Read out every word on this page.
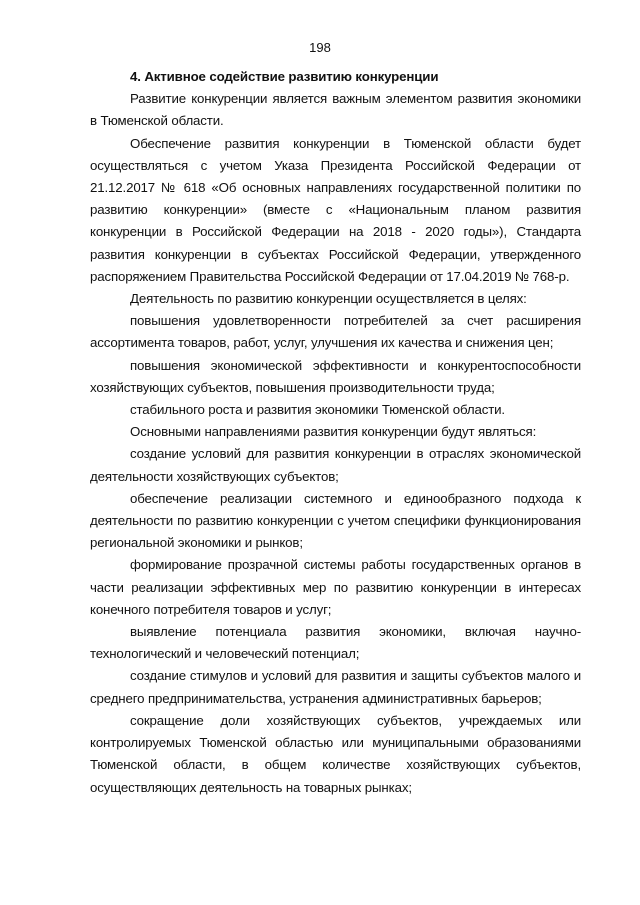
198

4. Активное содействие развитию конкуренции

Развитие конкуренции является важным элементом развития экономики в Тюменской области.

Обеспечение развития конкуренции в Тюменской области будет осуществляться с учетом Указа Президента Российской Федерации от 21.12.2017 № 618 «Об основных направлениях государственной политики по развитию конкуренции» (вместе с «Национальным планом развития конкуренции в Российской Федерации на 2018 - 2020 годы»), Стандарта развития конкуренции в субъектах Российской Федерации, утвержденного распоряжением Правительства Российской Федерации от 17.04.2019 № 768-р.

Деятельность по развитию конкуренции осуществляется в целях:

повышения удовлетворенности потребителей за счет расширения ассортимента товаров, работ, услуг, улучшения их качества и снижения цен;

повышения экономической эффективности и конкурентоспособности хозяйствующих субъектов, повышения производительности труда;

стабильного роста и развития экономики Тюменской области.

Основными направлениями развития конкуренции будут являться:

создание условий для развития конкуренции в отраслях экономической деятельности хозяйствующих субъектов;

обеспечение реализации системного и единообразного подхода к деятельности по развитию конкуренции с учетом специфики функционирования региональной экономики и рынков;

формирование прозрачной системы работы государственных органов в части реализации эффективных мер по развитию конкуренции в интересах конечного потребителя товаров и услуг;

выявление потенциала развития экономики, включая научно-технологический и человеческий потенциал;

создание стимулов и условий для развития и защиты субъектов малого и среднего предпринимательства, устранения административных барьеров;

сокращение доли хозяйствующих субъектов, учреждаемых или контролируемых Тюменской областью или муниципальными образованиями Тюменской области, в общем количестве хозяйствующих субъектов, осуществляющих деятельность на товарных рынках;
